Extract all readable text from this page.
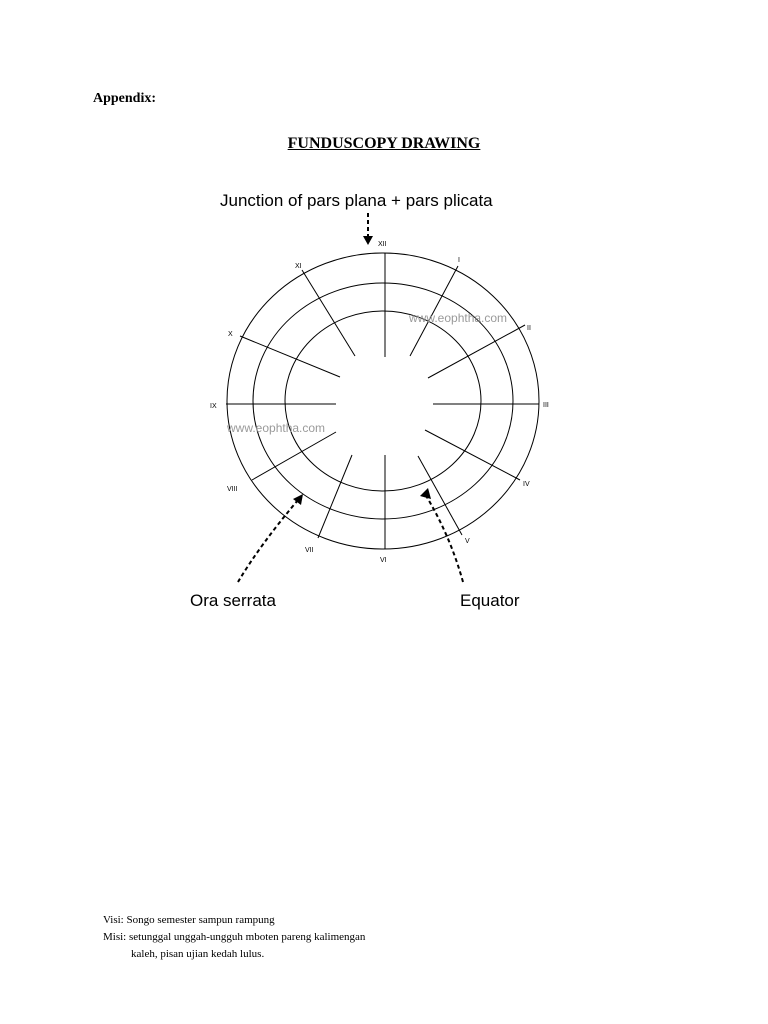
Appendix:
FUNDUSCOPY DRAWING
XII
I
II
III
IV
V
VI
VII
VIII
IX
X
XI
www.eophtha.com
www.eophtha.com
Junction of pars plana + pars plicata
Ora serrata	Equator
Visi: Songo semester sampun rampung
Misi: setunggal unggah-ungguh mboten pareng kalimengan
kaleh, pisan ujian kedah lulus.
